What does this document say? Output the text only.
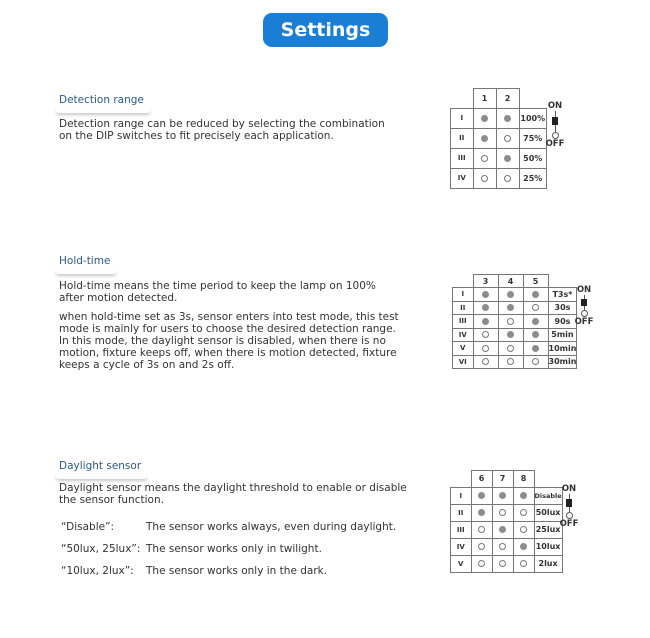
Settings
Detection range
Detection range can be reduced by selecting the combination
on the DIP switches to fit precisely each application.
	1	2	
I			100%
II			75%
III			50%
IV			25%
ON
OFF
Hold-time
Hold-time means the time period to keep the lamp on 100%
after motion detected.
when hold-time set as 3s, sensor enters into test mode, this test
mode is mainly for users to choose the desired detection range.
In this mode, the daylight sensor is disabled, when there is no
motion, fixture keeps off, when there is motion detected, fixture
keeps a cycle of 3s on and 2s off.
	3	4	5	
I				T3s*
II				30s
III				90s
IV				5min
V				10min
VI				30min
ON
OFF
Daylight sensor
Daylight sensor means the daylight threshold to enable or disable
the sensor function.
“Disable”:	The sensor works always, even during daylight.
“50lux, 25lux”: The sensor works only in twilight.
“10lux, 2lux”: The sensor works only in the dark.
	6	7	8	
I				Disable
II				50lux
III				25lux
IV				10lux
V				2lux
ON
OFF
